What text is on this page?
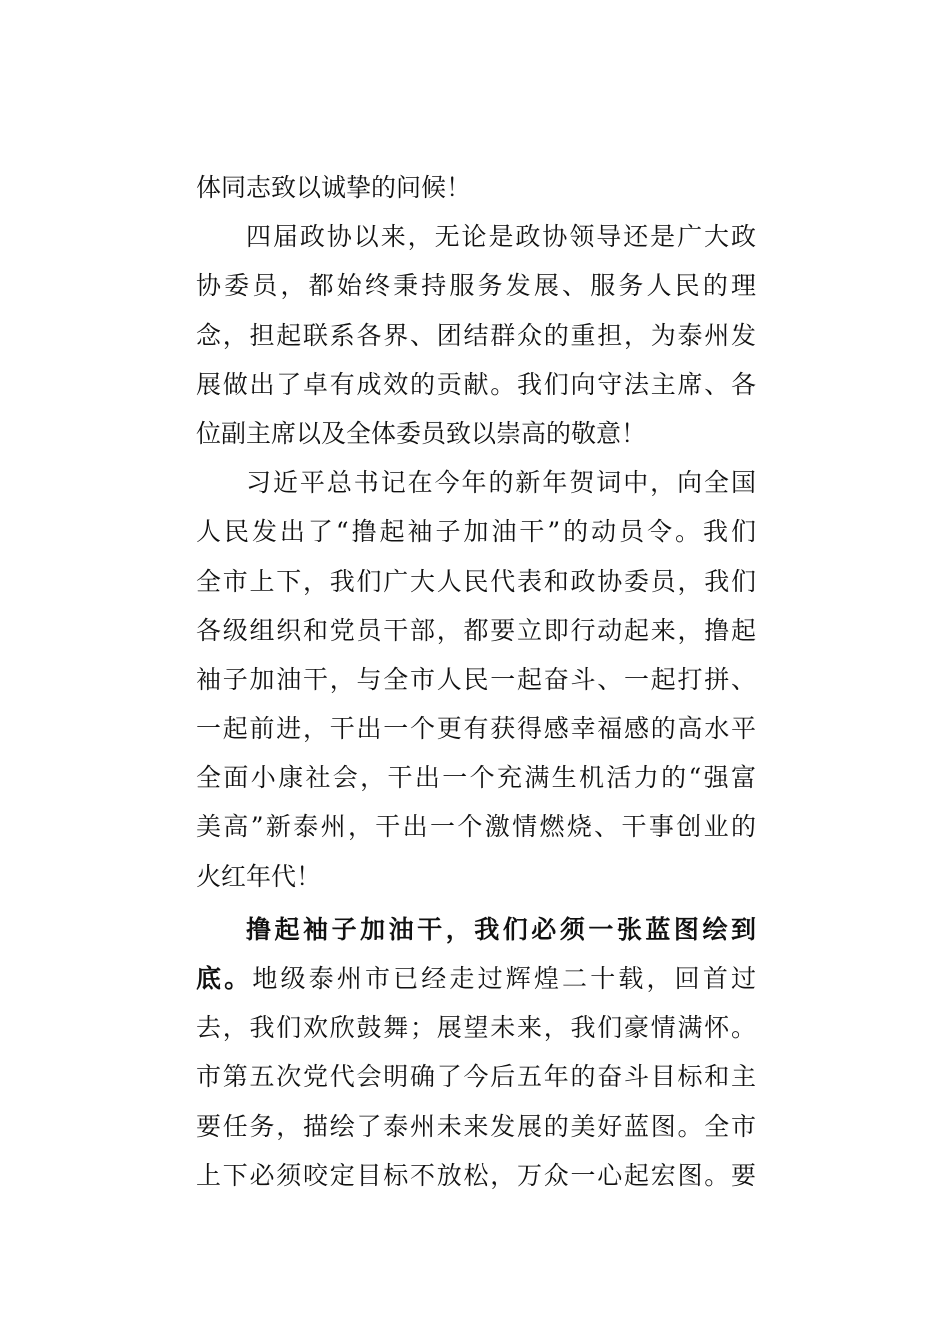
体同志致以诚挚的问候！
四届政协以来，无论是政协领导还是广大政
协委员，都始终秉持服务发展、服务人民的理
念，担起联系各界、团结群众的重担，为泰州发
展做出了卓有成效的贡献。我们向守法主席、各
位副主席以及全体委员致以崇高的敬意！
习近平总书记在今年的新年贺词中，向全国
人民发出了“撸起袖子加油干”的动员令。我们
全市上下，我们广大人民代表和政协委员，我们
各级组织和党员干部，都要立即行动起来，撸起
袖子加油干，与全市人民一起奋斗、一起打拼、
一起前进，干出一个更有获得感幸福感的高水平
全面小康社会，干出一个充满生机活力的“强富
美高”新泰州，干出一个激情燃烧、干事创业的
火红年代！
撸起袖子加油干，我们必须一张蓝图绘到
底。地级泰州市已经走过辉煌二十载，回首过
去，我们欢欣鼓舞；展望未来，我们豪情满怀。
市第五次党代会明确了今后五年的奋斗目标和主
要任务，描绘了泰州未来发展的美好蓝图。全市
上下必须咬定目标不放松，万众一心起宏图。要
